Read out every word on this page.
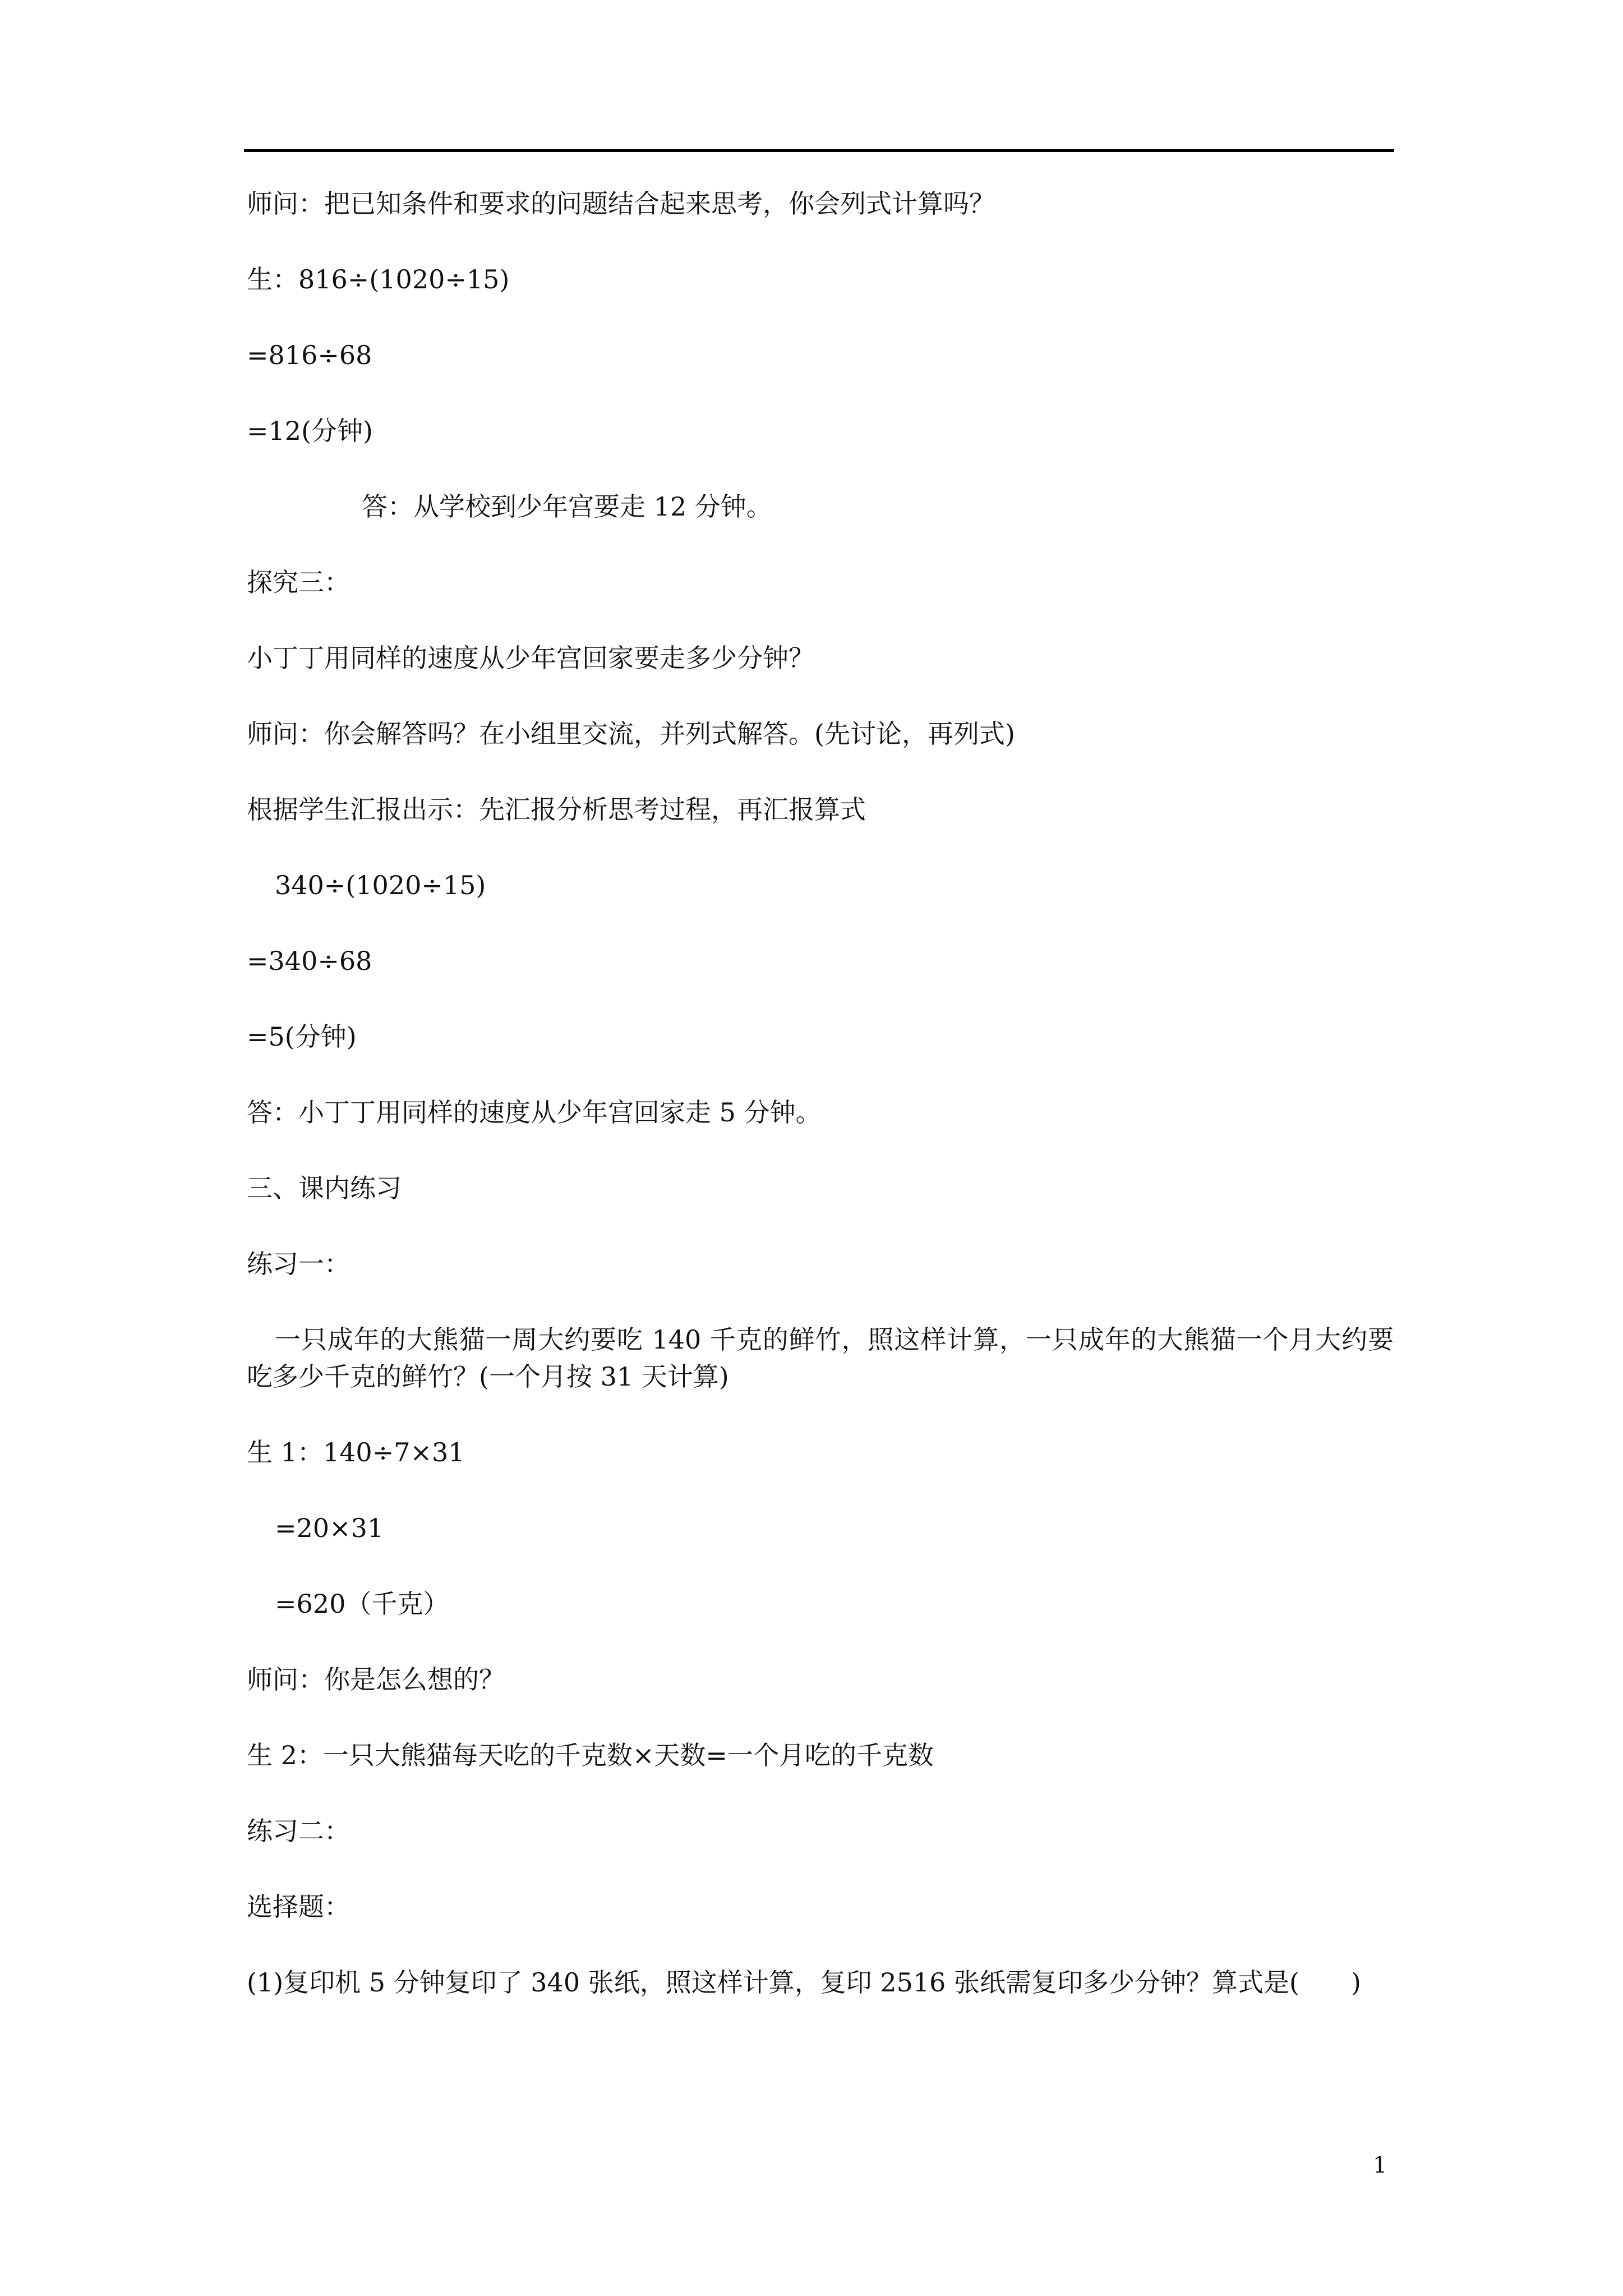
师问：把已知条件和要求的问题结合起来思考，你会列式计算吗？
生：816÷(1020÷15)
=816÷68
=12(分钟)
答：从学校到少年宫要走 12 分钟。
探究三：
小丁丁用同样的速度从少年宫回家要走多少分钟？
师问：你会解答吗？在小组里交流，并列式解答。(先讨论，再列式)
根据学生汇报出示：先汇报分析思考过程，再汇报算式
340÷(1020÷15)
=340÷68
=5(分钟)
答：小丁丁用同样的速度从少年宫回家走 5 分钟。
三、课内练习
练习一：
一只成年的大熊猫一周大约要吃 140 千克的鲜竹，照这样计算，一只成年的大熊猫一个月大约要吃多少千克的鲜竹？(一个月按 31 天计算)
生 1：140÷7×31
=20×31
=620（千克）
师问：你是怎么想的？
生 2：一只大熊猫每天吃的千克数×天数=一个月吃的千克数
练习二：
选择题：
(1)复印机 5 分钟复印了 340 张纸，照这样计算，复印 2516 张纸需复印多少分钟？算式是(　　)
1
